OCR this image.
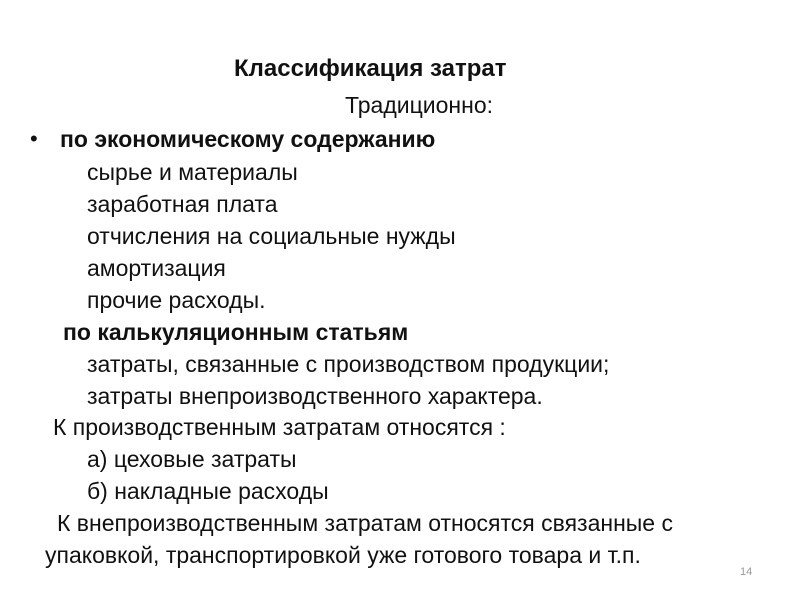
Классификация затрат
Традиционно:
• по экономическому содержанию
сырье и материалы
заработная плата
отчисления на социальные нужды
амортизация
прочие расходы.
по калькуляционным статьям
затраты, связанные с производством продукции;
затраты внепроизводственного характера.
К производственным затратам относятся :
а) цеховые затраты
б) накладные расходы
К внепроизводственным затратам относятся связанные с
упаковкой, транспортировкой уже готового товара и т.п.
14
